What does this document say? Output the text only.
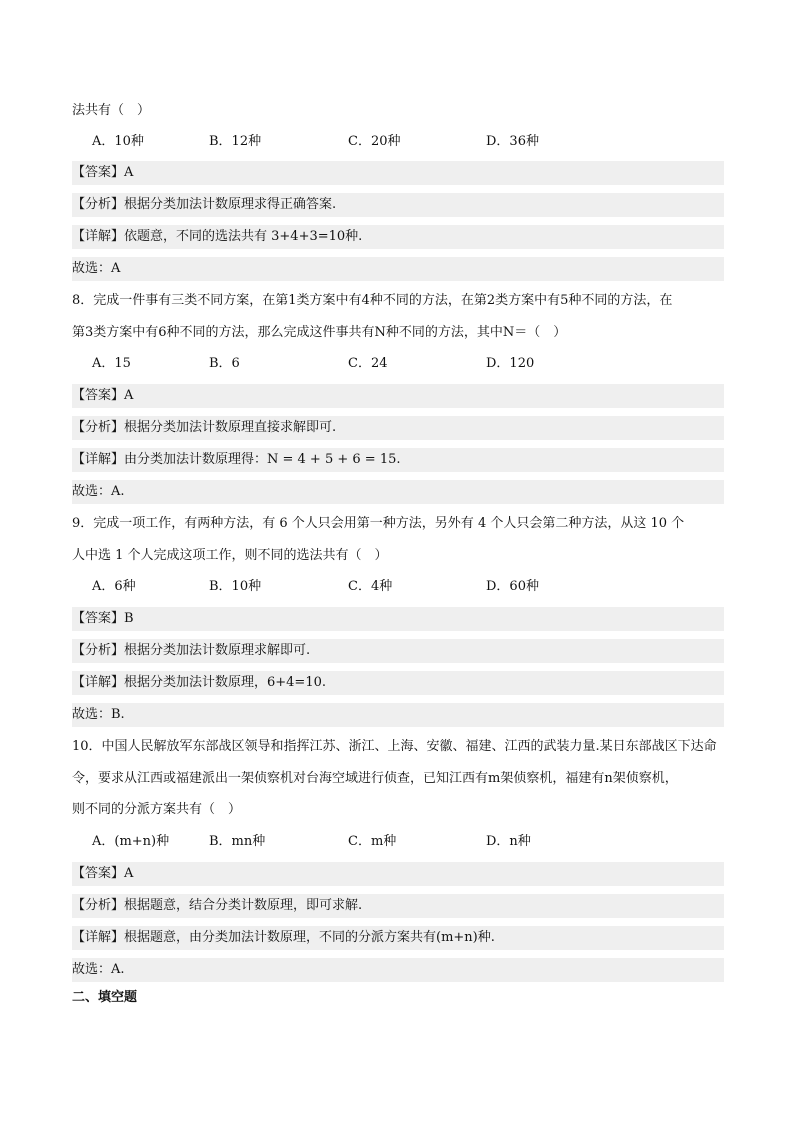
法共有（　）
A．10种	B．12种	C．20种	D．36种
【答案】A
【分析】根据分类加法计数原理求得正确答案.
【详解】依题意，不同的选法共有 3+4+3=10种.
故选：A
8．完成一件事有三类不同方案，在第1类方案中有4种不同的方法，在第2类方案中有5种不同的方法，在
第3类方案中有6种不同的方法，那么完成这件事共有N种不同的方法，其中N＝（　）
A．15	B．6	C．24	D．120
【答案】A
【分析】根据分类加法计数原理直接求解即可.
【详解】由分类加法计数原理得：N = 4 + 5 + 6 = 15.
故选：A.
9．完成一项工作，有两种方法，有 6 个人只会用第一种方法，另外有 4 个人只会第二种方法，从这 10 个
人中选 1 个人完成这项工作，则不同的选法共有（　）
A．6种	B．10种	C．4种	D．60种
【答案】B
【分析】根据分类加法计数原理求解即可.
【详解】根据分类加法计数原理，6+4=10.
故选：B.
10．中国人民解放军东部战区领导和指挥江苏、浙江、上海、安徽、福建、江西的武装力量.某日东部战区下达命
令，要求从江西或福建派出一架侦察机对台海空域进行侦查，已知江西有m架侦察机，福建有n架侦察机，
则不同的分派方案共有（　）
A．(m+n)种	B．mn种	C．m种	D．n种
【答案】A
【分析】根据题意，结合分类计数原理，即可求解.
【详解】根据题意，由分类加法计数原理，不同的分派方案共有(m+n)种.
故选：A.
二、填空题
